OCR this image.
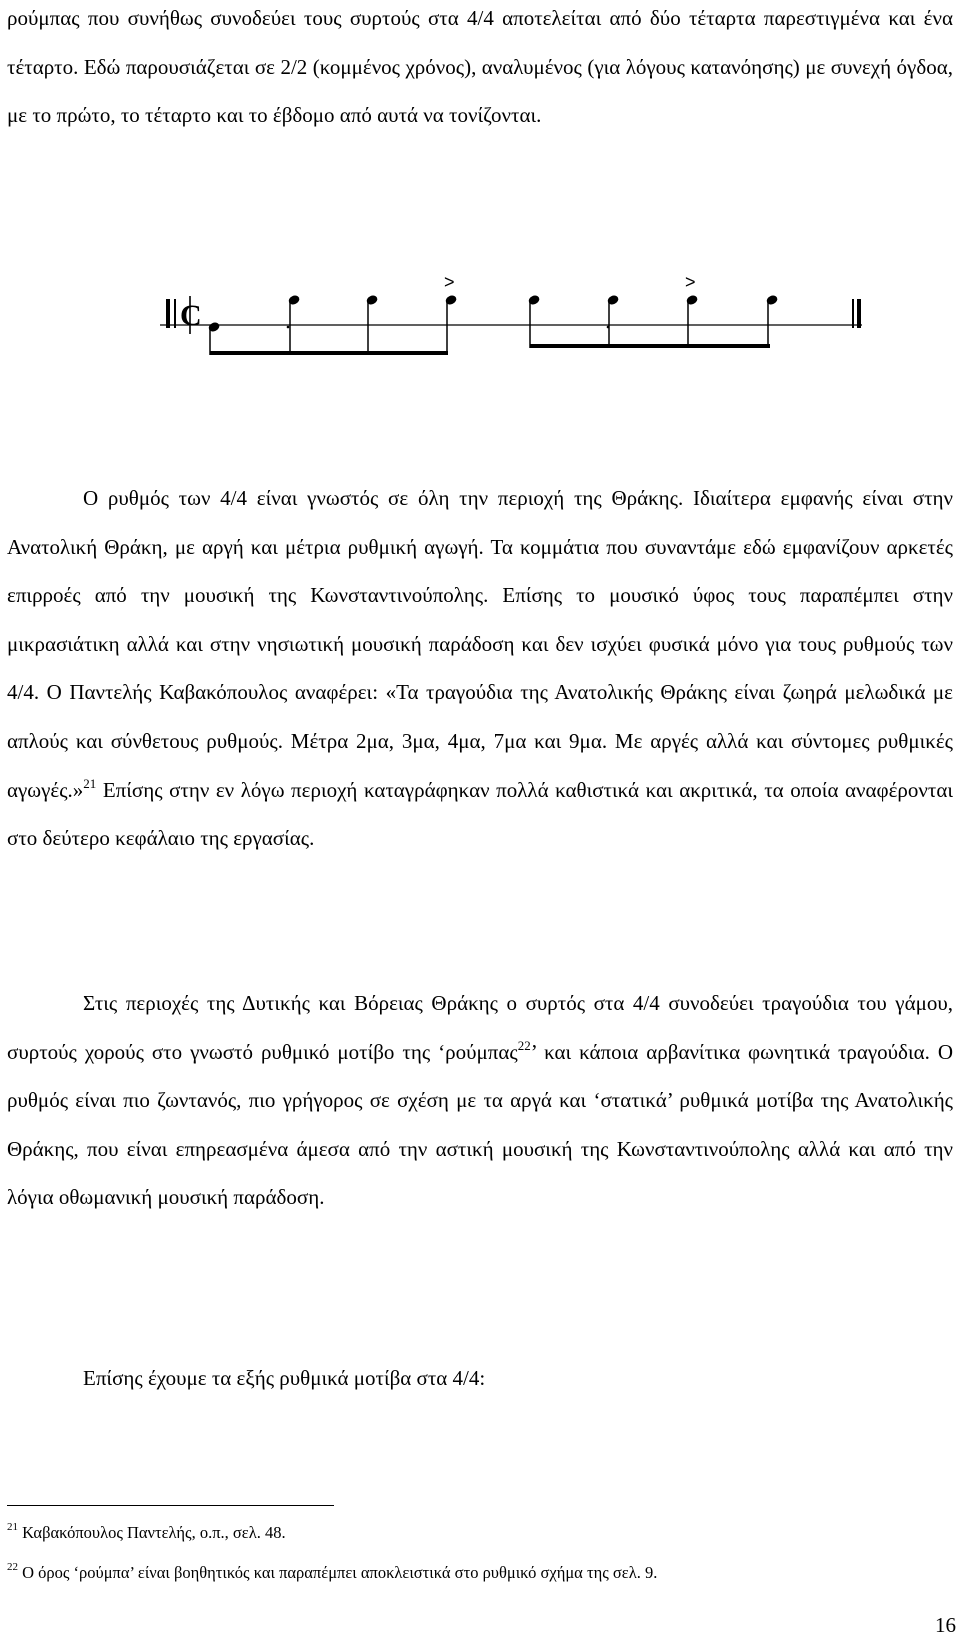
ρούμπας που συνήθως συνοδεύει τους συρτούς στα 4/4 αποτελείται από δύο τέταρτα παρεστιγμένα και ένα τέταρτο. Εδώ παρουσιάζεται σε 2/2 (κομμένος χρόνος), αναλυμένος (για λόγους κατανόησης) με συνεχή όγδοα, με το πρώτο, το τέταρτο και το έβδομο από αυτά να τονίζονται.

C
>	>

Ο ρυθμός των 4/4 είναι γνωστός σε όλη την περιοχή της Θράκης. Ιδιαίτερα εμφανής είναι στην Ανατολική Θράκη, με αργή και μέτρια ρυθμική αγωγή. Τα κομμάτια που συναντάμε εδώ εμφανίζουν αρκετές επιρροές από την μουσική της Κωνσταντινούπολης. Επίσης το μουσικό ύφος τους παραπέμπει στην μικρασιάτικη αλλά και στην νησιωτική μουσική παράδοση και δεν ισχύει φυσικά μόνο για τους ρυθμούς των 4/4. Ο Παντελής Καβακόπουλος αναφέρει: «Τα τραγούδια της Ανατολικής Θράκης είναι ζωηρά μελωδικά με απλούς και σύνθετους ρυθμούς. Μέτρα 2μα, 3μα, 4μα, 7μα και 9μα. Με αργές αλλά και σύντομες ρυθμικές αγωγές.»$^{21}$ Επίσης στην εν λόγω περιοχή καταγράφηκαν πολλά καθιστικά και ακριτικά, τα οποία αναφέρονται στο δεύτερο κεφάλαιο της εργασίας.

Στις περιοχές της Δυτικής και Βόρειας Θράκης ο συρτός στα 4/4 συνοδεύει τραγούδια του γάμου, συρτούς χορούς στο γνωστό ρυθμικό μοτίβο της ‘ρούμπας$^{22}$’ και κάποια αρβανίτικα φωνητικά τραγούδια. Ο ρυθμός είναι πιο ζωντανός, πιο γρήγορος σε σχέση με τα αργά και ‘στατικά’ ρυθμικά μοτίβα της Ανατολικής Θράκης, που είναι επηρεασμένα άμεσα από την αστική μουσική της Κωνσταντινούπολης αλλά και από την λόγια οθωμανική μουσική παράδοση.

Επίσης έχουμε τα εξής ρυθμικά μοτίβα στα 4/4:

$^{21}$ Καβακόπουλος Παντελής, ο.π., σελ. 48.

$^{22}$ Ο όρος ‘ρούμπα’ είναι βοηθητικός και παραπέμπει αποκλειστικά στο ρυθμικό σχήμα της σελ. 9.

16
